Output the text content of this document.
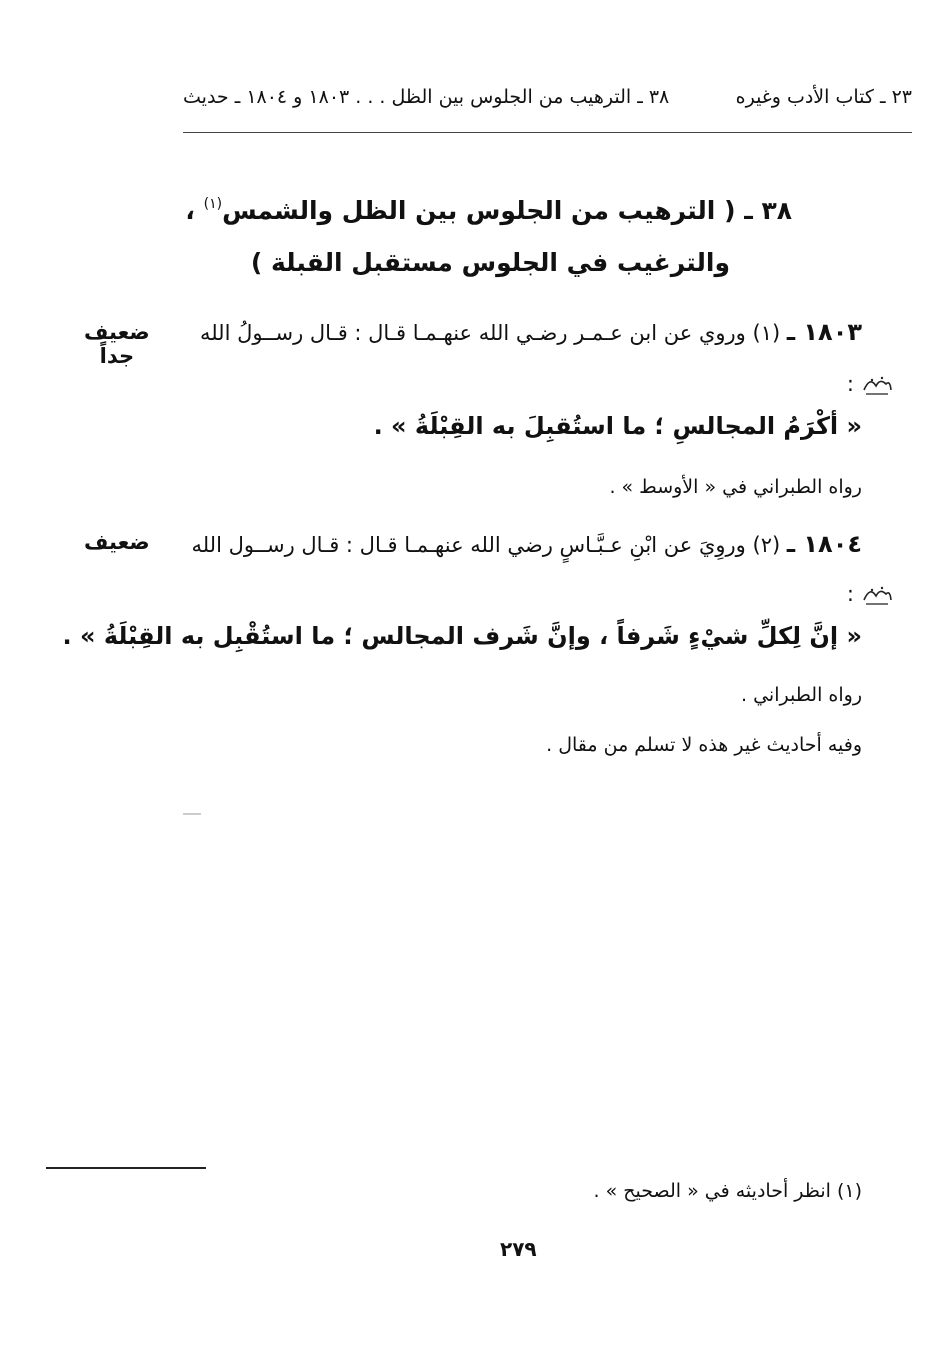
٢٣ ـ كتاب الأدب وغيره
٣٨ ـ الترهيب من الجلوس بين الظل . . . ١٨٠٣ و ١٨٠٤ ـ حديث
٣٨ ـ ( الترهيب من الجلوس بين الظل والشمس$^{(١)}$ ،
والترغيب في الجلوس مستقبل القبلة )
١٨٠٣ ـ (١) وروي عن ابن عـمـر رضـي الله عنهـمـا قـال : قـال رســولُ الله
ضعيف
جداً
:
« أكْرَمُ المجالسِ ؛ ما استُقبِلَ به القِبْلَةُ » .
رواه الطبراني في « الأوسط » .
١٨٠٤ ـ (٢) وروِيَ عن ابْنِ عـبَّـاسٍ رضي الله عنهـمـا قـال : قـال رســول الله
ضعيف
:
« إنَّ لِكلِّ شيْءٍ شَرفاً ، وإنَّ شَرف المجالس ؛ ما استُقْبِل به القِبْلَةُ » .
رواه الطبراني .
وفيه أحاديث غير هذه لا تسلم من مقال .
(١) انظر أحاديثه في « الصحيح » .
٢٧٩
